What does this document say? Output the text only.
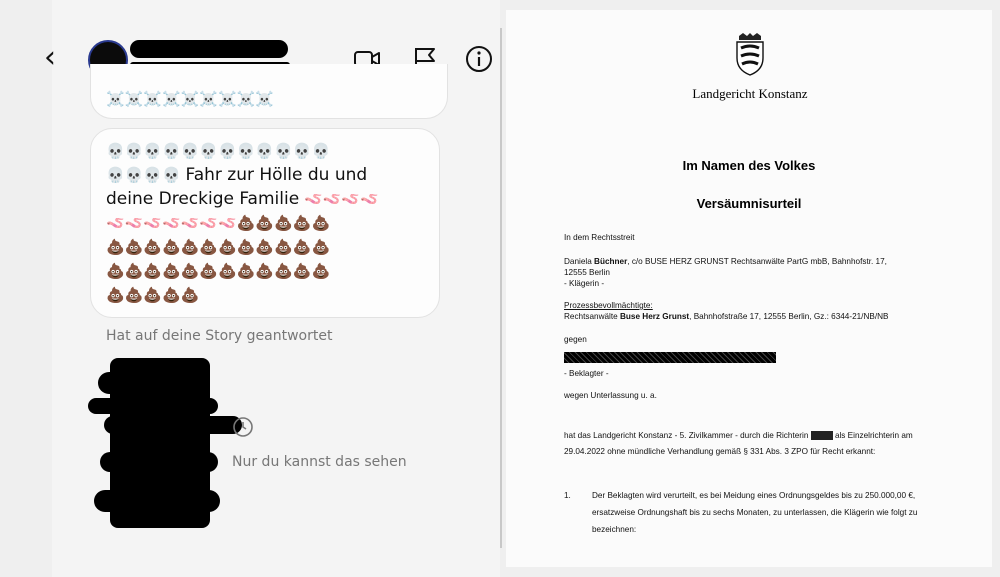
‹
☠️☠️☠️☠️☠️☠️☠️☠️☠️
💀💀💀💀💀💀💀💀💀💀💀💀
💀💀💀💀 Fahr zur Hölle du und
deine Dreckige Familie 🪱🪱🪱🪱
🪱🪱🪱🪱🪱🪱🪱💩💩💩💩💩
💩💩💩💩💩💩💩💩💩💩💩💩
💩💩💩💩💩💩💩💩💩💩💩💩
💩💩💩💩💩
Hat auf deine Story geantwortet
Nur du kannst das sehen
Landgericht Konstanz
Im Namen des Volkes
Versäumnisurteil
In dem Rechtsstreit
Daniela Büchner, c/o BUSE HERZ GRUNST Rechtsanwälte PartG mbB, Bahnhofstr. 17,
12555 Berlin
- Klägerin -
Prozessbevollmächtigte:
Rechtsanwälte Buse Herz Grunst, Bahnhofstraße 17, 12555 Berlin, Gz.: 6344-21/NB/NB
gegen
- Beklagter -
wegen Unterlassung u. a.
hat das Landgericht Konstanz - 5. Zivilkammer - durch die Richterin	als Einzelrichterin am
29.04.2022 ohne mündliche Verhandlung gemäß § 331 Abs. 3 ZPO für Recht erkannt:
1.	Der Beklagten wird verurteilt, es bei Meidung eines Ordnungsgeldes bis zu 250.000,00 €,
ersatzweise Ordnungshaft bis zu sechs Monaten, zu unterlassen, die Klägerin wie folgt zu
bezeichnen:
